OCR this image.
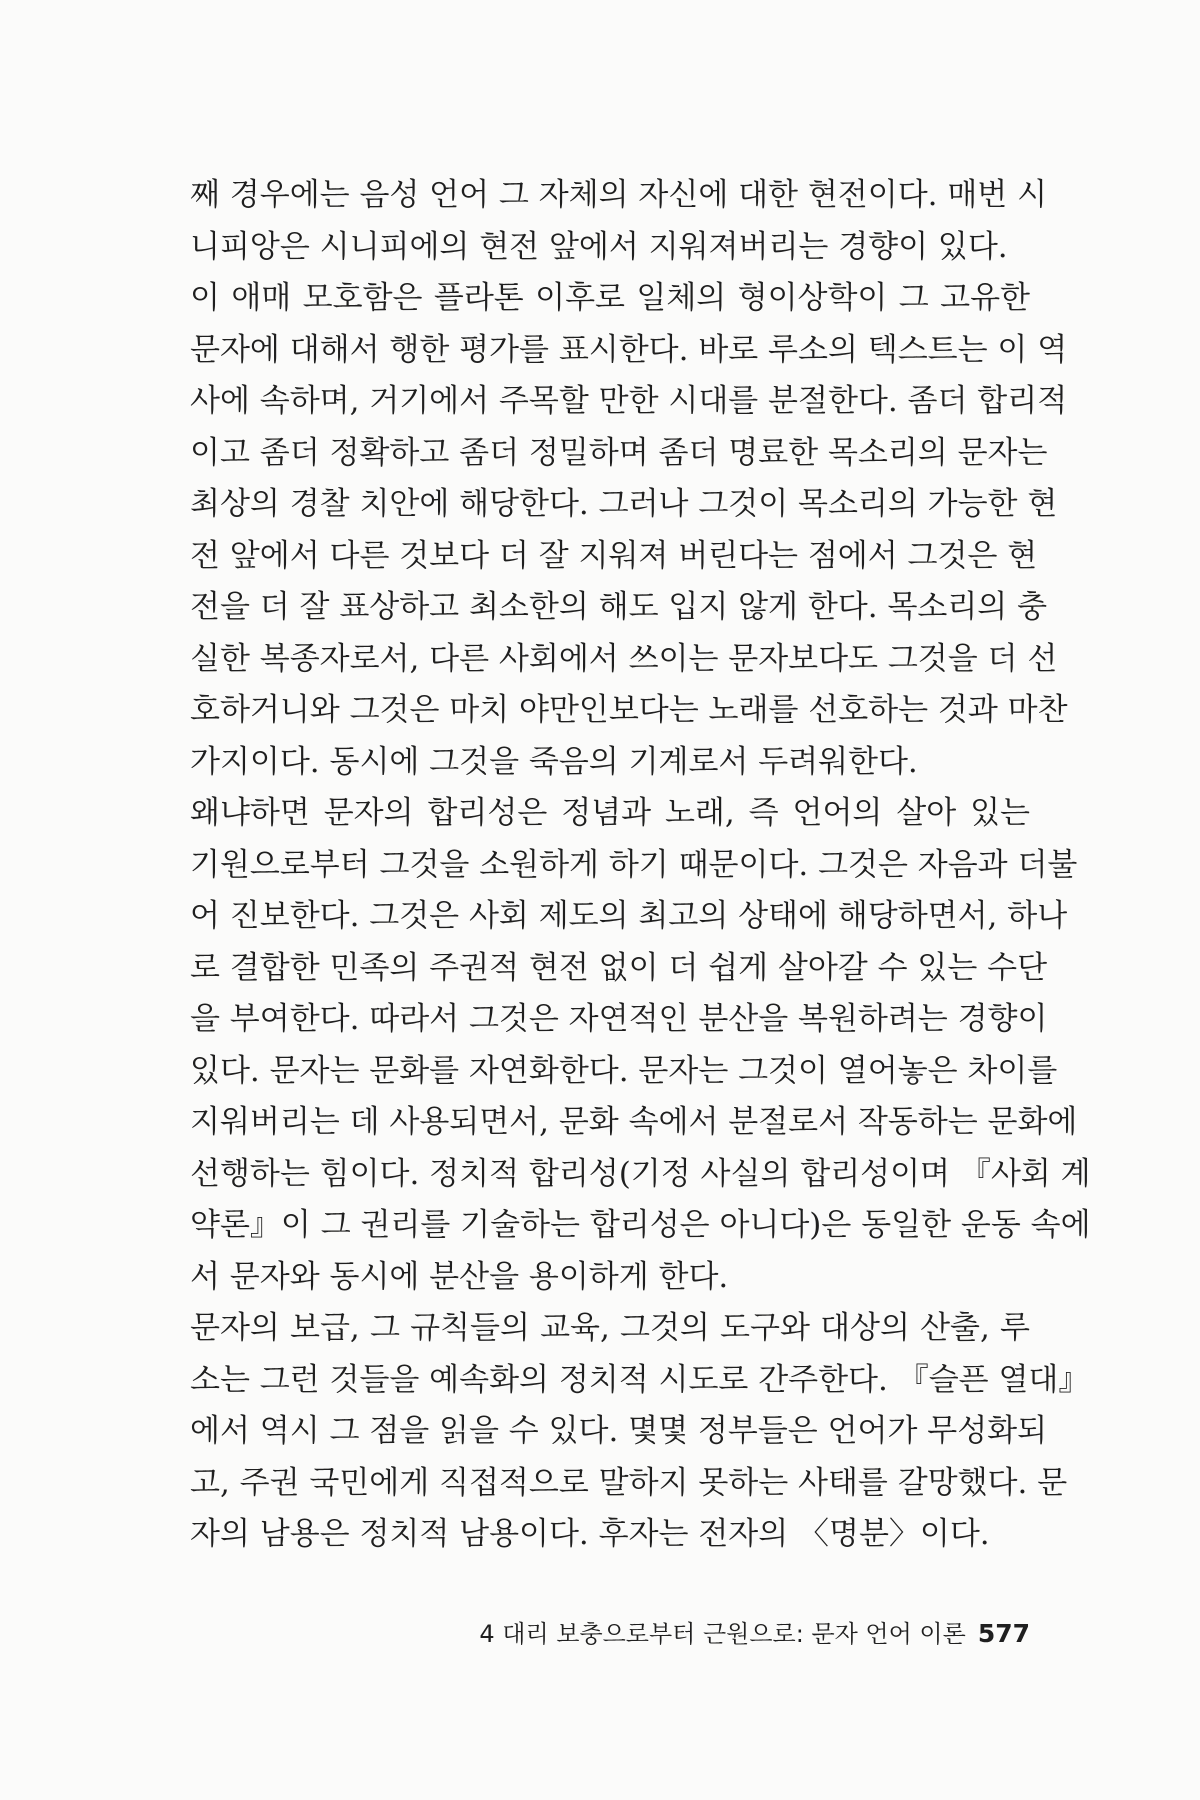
째 경우에는 음성 언어 그 자체의 자신에 대한 현전이다. 매번 시
니피앙은 시니피에의 현전 앞에서 지워져버리는 경향이 있다.
이 애매 모호함은 플라톤 이후로 일체의 형이상학이 그 고유한
문자에 대해서 행한 평가를 표시한다. 바로 루소의 텍스트는 이 역
사에 속하며, 거기에서 주목할 만한 시대를 분절한다. 좀더 합리적
이고 좀더 정확하고 좀더 정밀하며 좀더 명료한 목소리의 문자는
최상의 경찰 치안에 해당한다. 그러나 그것이 목소리의 가능한 현
전 앞에서 다른 것보다 더 잘 지워져 버린다는 점에서 그것은 현
전을 더 잘 표상하고 최소한의 해도 입지 않게 한다. 목소리의 충
실한 복종자로서, 다른 사회에서 쓰이는 문자보다도 그것을 더 선
호하거니와 그것은 마치 야만인보다는 노래를 선호하는 것과 마찬
가지이다. 동시에 그것을 죽음의 기계로서 두려워한다.
왜냐하면 문자의 합리성은 정념과 노래, 즉 언어의 살아 있는
기원으로부터 그것을 소원하게 하기 때문이다. 그것은 자음과 더불
어 진보한다. 그것은 사회 제도의 최고의 상태에 해당하면서, 하나
로 결합한 민족의 주권적 현전 없이 더 쉽게 살아갈 수 있는 수단
을 부여한다. 따라서 그것은 자연적인 분산을 복원하려는 경향이
있다. 문자는 문화를 자연화한다. 문자는 그것이 열어놓은 차이를
지워버리는 데 사용되면서, 문화 속에서 분절로서 작동하는 문화에
선행하는 힘이다. 정치적 합리성(기정 사실의 합리성이며 『사회 계
약론』이 그 권리를 기술하는 합리성은 아니다)은 동일한 운동 속에
서 문자와 동시에 분산을 용이하게 한다.
문자의 보급, 그 규칙들의 교육, 그것의 도구와 대상의 산출, 루
소는 그런 것들을 예속화의 정치적 시도로 간주한다. 『슬픈 열대』
에서 역시 그 점을 읽을 수 있다. 몇몇 정부들은 언어가 무성화되
고, 주권 국민에게 직접적으로 말하지 못하는 사태를 갈망했다. 문
자의 남용은 정치적 남용이다. 후자는 전자의 〈명분〉이다.
4 대리 보충으로부터 근원으로: 문자 언어 이론 577
